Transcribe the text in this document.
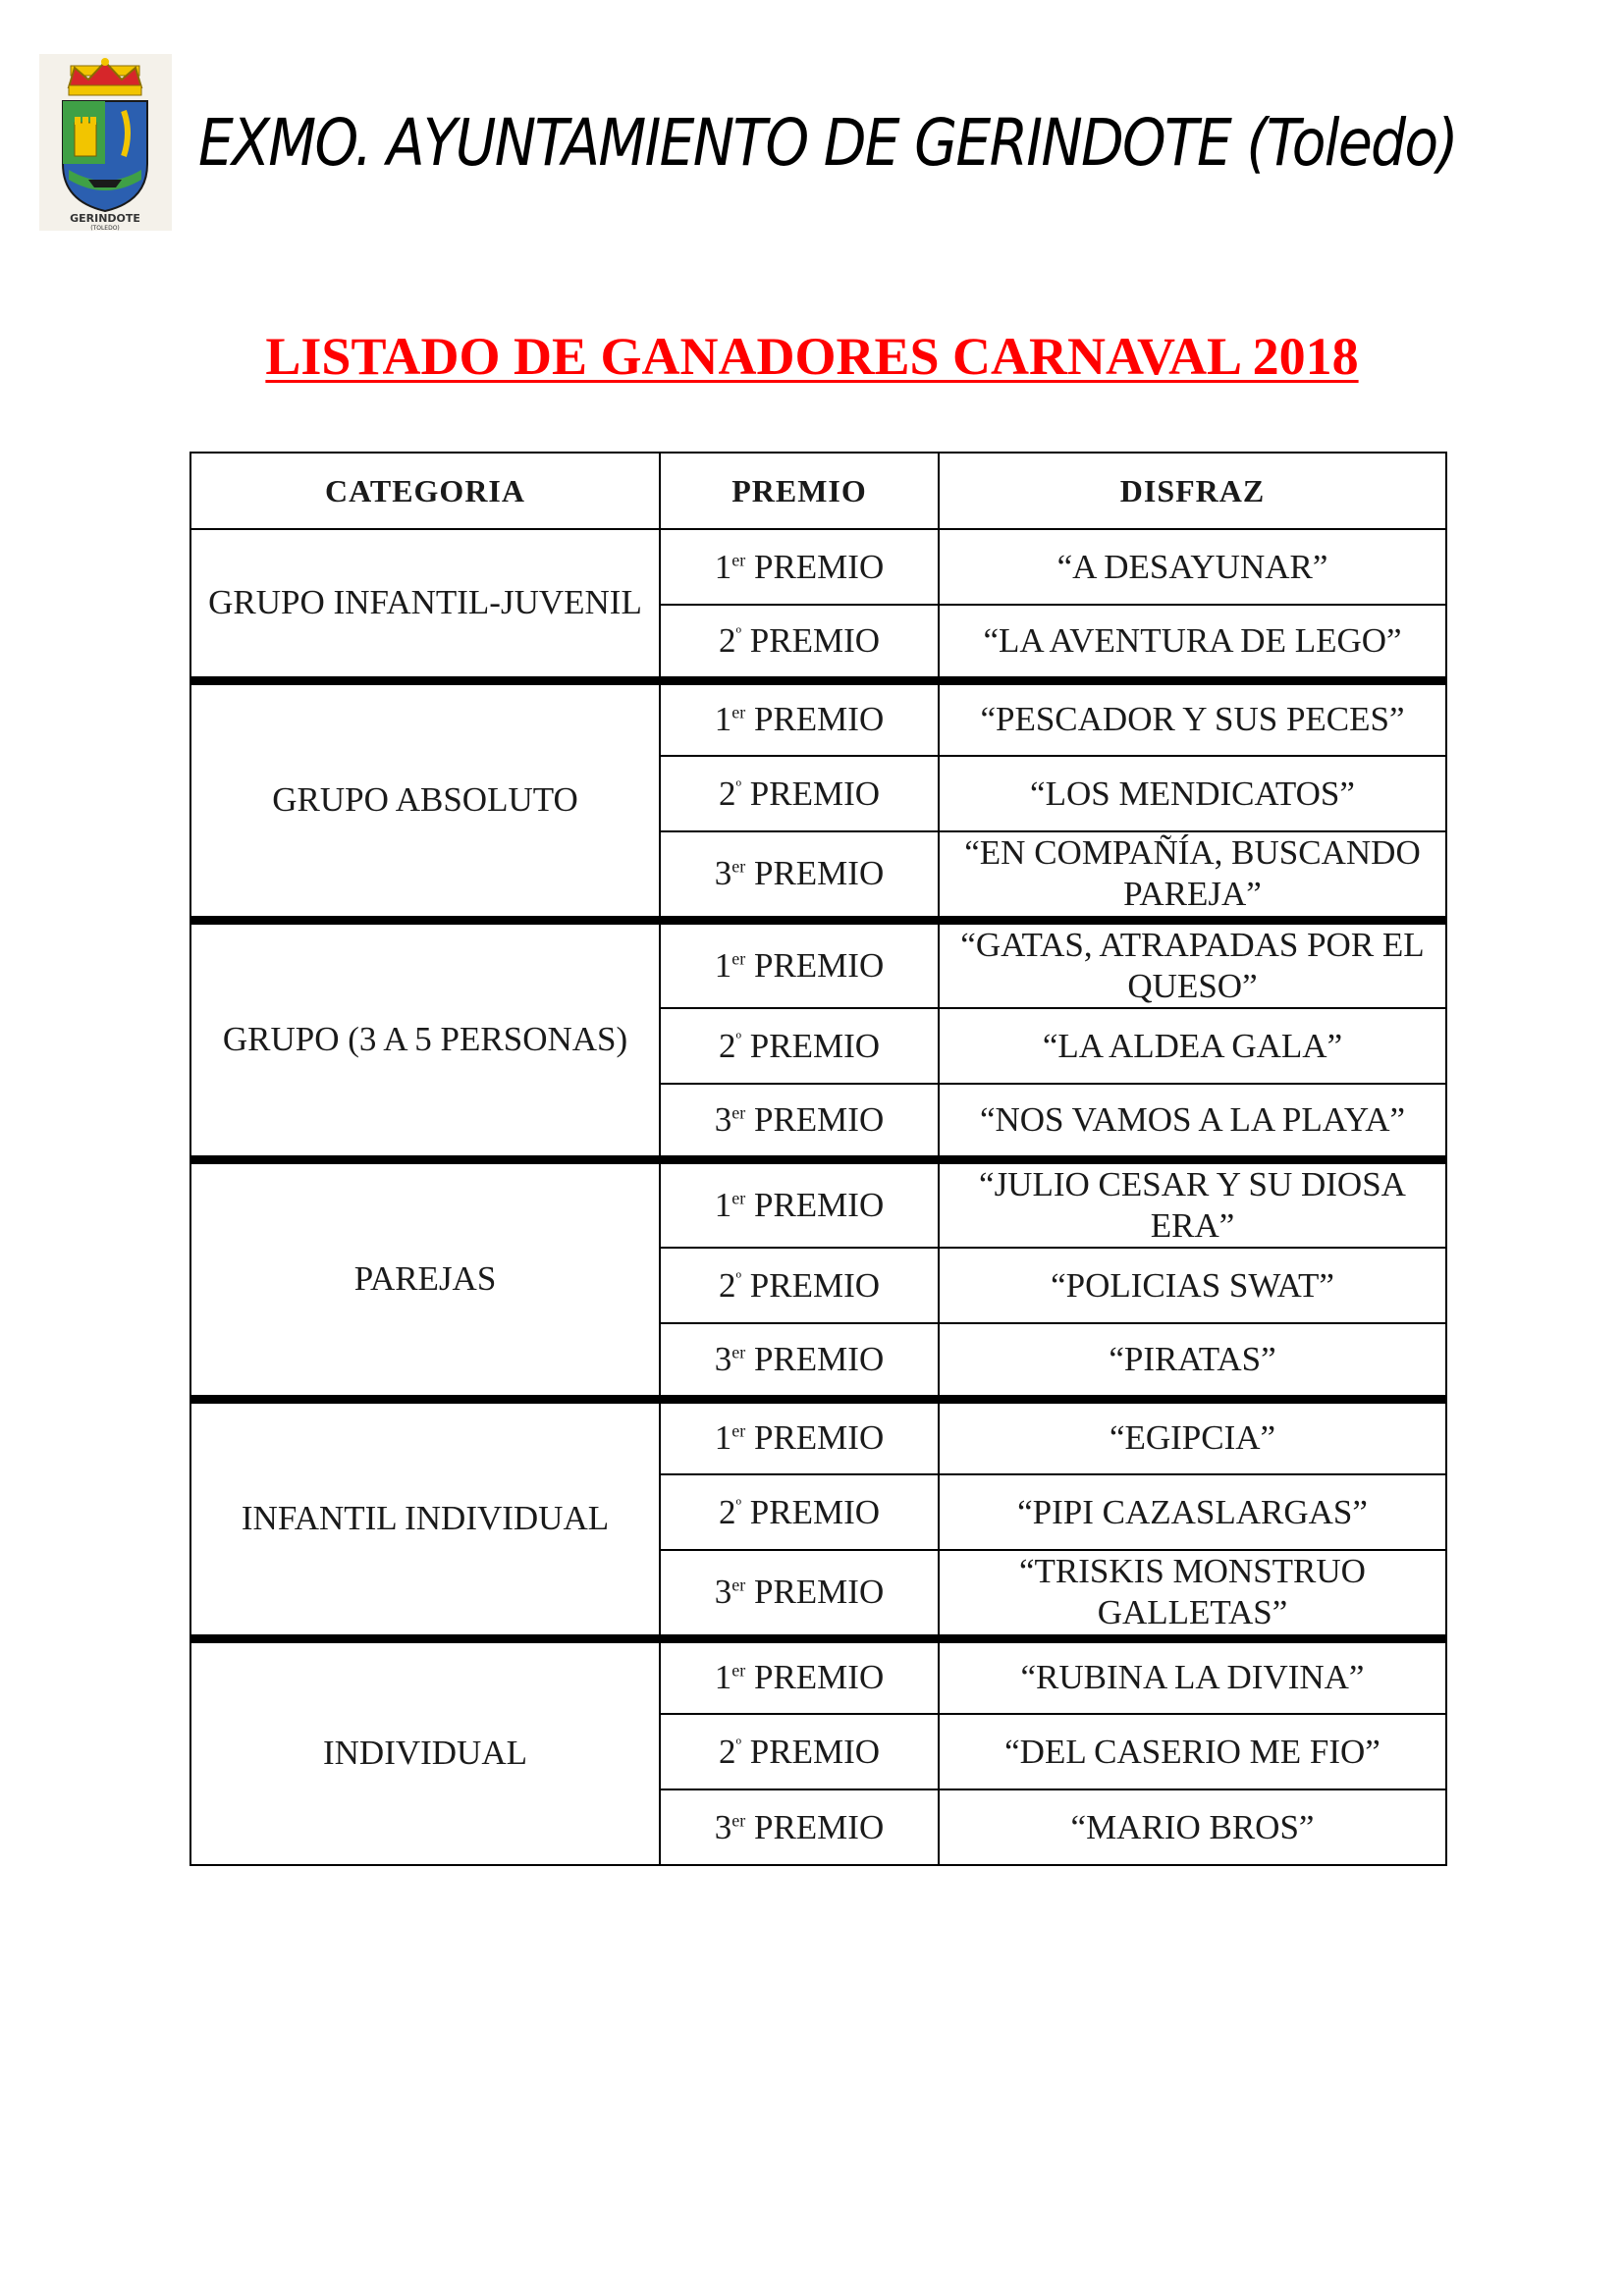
GERINDOTE
(TOLEDO)
EXMO. AYUNTAMIENTO DE GERINDOTE (Toledo)
LISTADO DE GANADORES CARNAVAL 2018
CATEGORIA	PREMIO	DISFRAZ
GRUPO INFANTIL-JUVENIL	1er PREMIO	“A DESAYUNAR”
	$2^º$ PREMIO	“LA AVENTURA DE LEGO”
GRUPO ABSOLUTO	1er PREMIO	“PESCADOR Y SUS PECES”
	$2^º$ PREMIO	“LOS MENDICATOS”
	3er PREMIO	“EN COMPAÑÍA, BUSCANDO PAREJA”
GRUPO (3 A 5 PERSONAS)	1er PREMIO	“GATAS, ATRAPADAS POR EL QUESO”
	$2^º$ PREMIO	“LA ALDEA GALA”
	3er PREMIO	“NOS VAMOS A LA PLAYA”
PAREJAS	1er PREMIO	“JULIO CESAR Y SU DIOSA ERA”
	$2^º$ PREMIO	“POLICIAS SWAT”
	3er PREMIO	“PIRATAS”
INFANTIL INDIVIDUAL	1er PREMIO	“EGIPCIA”
	$2^º$ PREMIO	“PIPI CAZASLARGAS”
	3er PREMIO	“TRISKIS MONSTRUO GALLETAS”
INDIVIDUAL	1er PREMIO	“RUBINA LA DIVINA”
	$2^º$ PREMIO	“DEL CASERIO ME FIO”
	3er PREMIO	“MARIO BROS”
